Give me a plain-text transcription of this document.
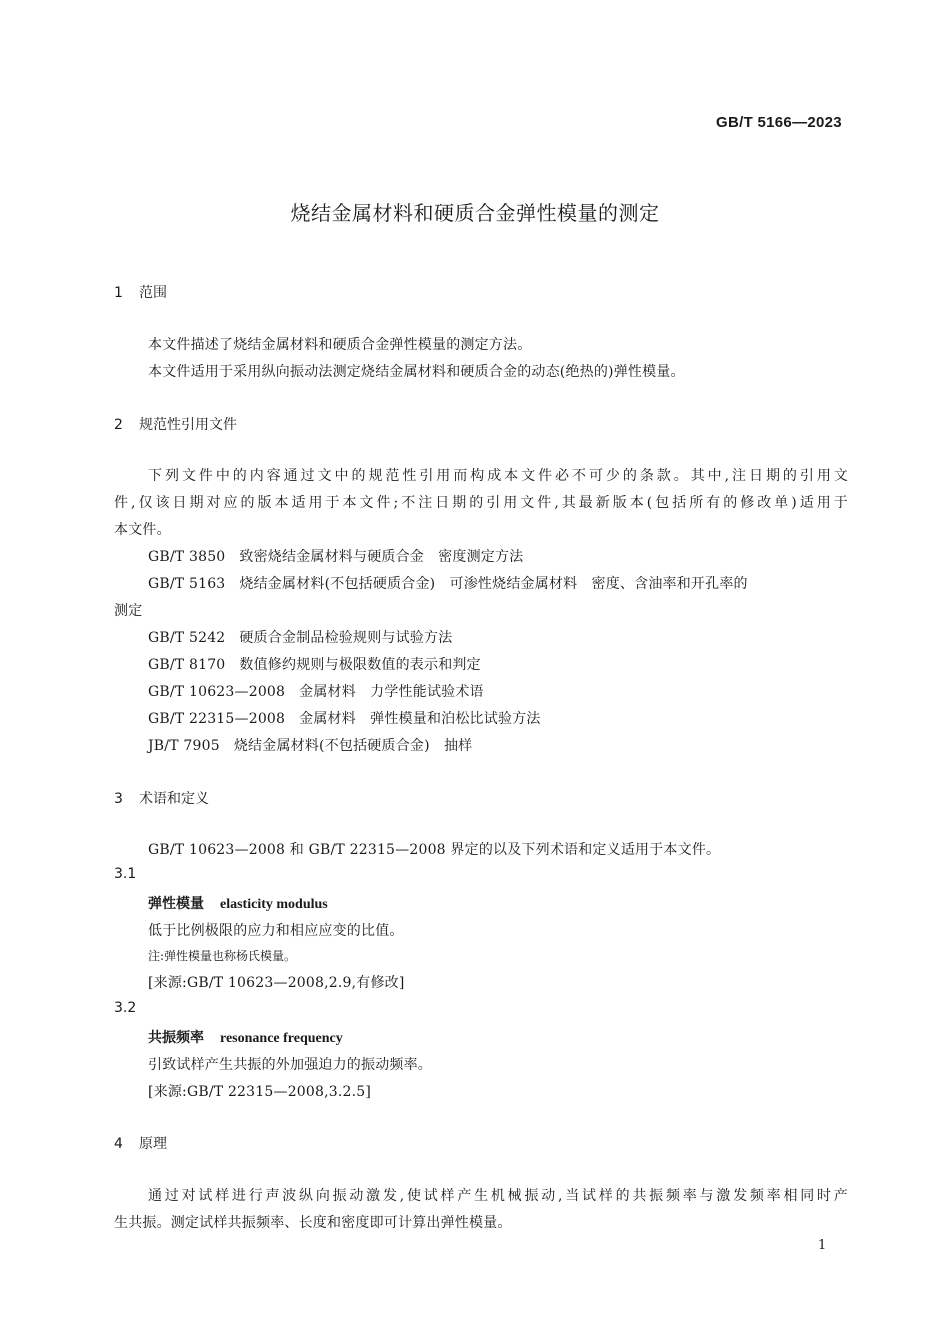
GB/T 5166—2023
烧结金属材料和硬质合金弹性模量的测定
1 范围
本文件描述了烧结金属材料和硬质合金弹性模量的测定方法。
本文件适用于采用纵向振动法测定烧结金属材料和硬质合金的动态(绝热的)弹性模量。
2 规范性引用文件
下列文件中的内容通过文中的规范性引用而构成本文件必不可少的条款。其中,注日期的引用文
件,仅该日期对应的版本适用于本文件;不注日期的引用文件,其最新版本(包括所有的修改单)适用于
本文件。
GB/T 3850 致密烧结金属材料与硬质合金　密度测定方法
GB/T 5163 烧结金属材料(不包括硬质合金)　可渗性烧结金属材料　密度、含油率和开孔率的
测定
GB/T 5242 硬质合金制品检验规则与试验方法
GB/T 8170 数值修约规则与极限数值的表示和判定
GB/T 10623—2008 金属材料　力学性能试验术语
GB/T 22315—2008 金属材料　弹性模量和泊松比试验方法
JB/T 7905 烧结金属材料(不包括硬质合金)　抽样
3 术语和定义
GB/T 10623—2008 和 GB/T 22315—2008 界定的以及下列术语和定义适用于本文件。
3.1
弹性模量 elasticity modulus
低于比例极限的应力和相应应变的比值。
注:弹性模量也称杨氏模量。
[来源:GB/T 10623—2008,2.9,有修改]
3.2
共振频率 resonance frequency
引致试样产生共振的外加强迫力的振动频率。
[来源:GB/T 22315—2008,3.2.5]
4 原理
通过对试样进行声波纵向振动激发,使试样产生机械振动,当试样的共振频率与激发频率相同时产
生共振。测定试样共振频率、长度和密度即可计算出弹性模量。
1
